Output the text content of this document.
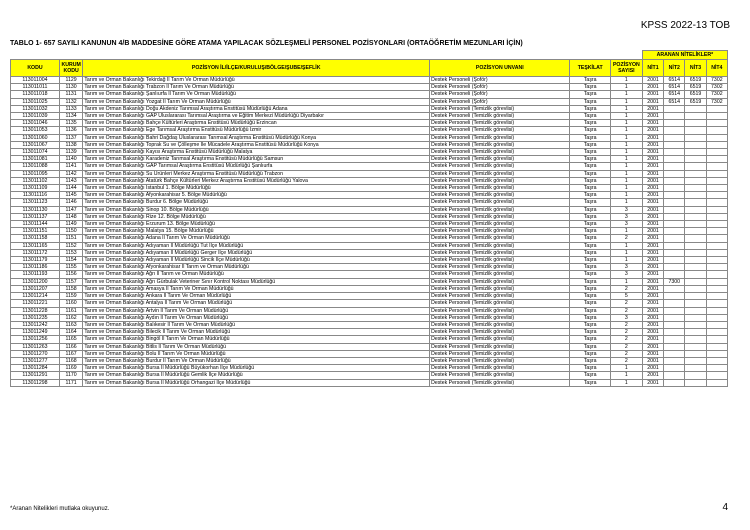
KPSS 2022-13 TOB
TABLO 1- 657 SAYILI KANUNUN 4/B MADDESİNE GÖRE ATAMA YAPILACAK SÖZLEŞMELİ PERSONEL POZİSYONLARI (ORTAÖĞRETİM MEZUNLARI İÇİN)
						ARANAN NİTELİKLER*			
KODU	KURUM KODU	POZİSYON İL/İLÇE/KURULUŞ/BÖLGE/ŞUBE/ŞEFLİK	POZİSYON UNVANI	TEŞKİLAT	POZİSYON SAYISI	NİT1	NİT2	NİT3	NİT4
113011004	1129	Tarım ve Orman Bakanlığı Tekirdağ İl Tarım Ve Orman Müdürlüğü	Destek Personeli (Şoför)	Taşra	1	2001	6514	6519	7302
113011011	1130	Tarım ve Orman Bakanlığı Trabzon İl Tarım Ve Orman Müdürlüğü	Destek Personeli (Şoför)	Taşra	1	2001	6514	6519	7302
113011018	1131	Tarım ve Orman Bakanlığı Şanlıurfa İl Tarım Ve Orman Müdürlüğü	Destek Personeli (Şoför)	Taşra	1	2001	6514	6519	7302
113011025	1132	Tarım ve Orman Bakanlığı Yozgat İl Tarım Ve Orman Müdürlüğü	Destek Personeli (Şoför)	Taşra	1	2001	6514	6519	7302
113011032	1133	Tarım ve Orman Bakanlığı Doğu Akdeniz Tarımsal Araştırma Enstitüsü Müdürlüğü Adana	Destek Personeli (Temizlik görevlisi)	Taşra	1	2001			
113011039	1134	Tarım ve Orman Bakanlığı GAP Uluslararası Tarımsal Araştırma ve Eğitim Merkezi Müdürlüğü Diyarbakır	Destek Personeli (Temizlik görevlisi)	Taşra	1	2001			
113011046	1135	Tarım ve Orman Bakanlığı Bahçe Kültürleri Araştırma Enstitüsü Müdürlüğü Erzincan	Destek Personeli (Temizlik görevlisi)	Taşra	1	2001			
113011053	1136	Tarım ve Orman Bakanlığı Ege Tarımsal Araştırma Enstitüsü Müdürlüğü İzmir	Destek Personeli (Temizlik görevlisi)	Taşra	1	2001			
113011060	1137	Tarım ve Orman Bakanlığı Bahri Dağdaş Uluslararası Tarımsal Araştırma Enstitüsü Müdürlüğü Konya	Destek Personeli (Temizlik görevlisi)	Taşra	1	2001			
113011067	1138	Tarım ve Orman Bakanlığı Toprak Su ve Çölleşme İle Mücadele Araştırma Enstitüsü Müdürlüğü Konya	Destek Personeli (Temizlik görevlisi)	Taşra	1	2001			
113011074	1139	Tarım ve Orman Bakanlığı Kayısı Araştırma Enstitüsü Müdürlüğü Malatya	Destek Personeli (Temizlik görevlisi)	Taşra	1	2001			
113011081	1140	Tarım ve Orman Bakanlığı Karadeniz Tarımsal Araştırma Enstitüsü Müdürlüğü Samsun	Destek Personeli (Temizlik görevlisi)	Taşra	1	2001			
113011088	1141	Tarım ve Orman Bakanlığı GAP Tarımsal Araştırma Enstitüsü Müdürlüğü Şanlıurfa	Destek Personeli (Temizlik görevlisi)	Taşra	1	2001			
113011095	1142	Tarım ve Orman Bakanlığı Su Ürünleri Merkez Araştırma Enstitüsü Müdürlüğü Trabzon	Destek Personeli (Temizlik görevlisi)	Taşra	1	2001			
113011102	1143	Tarım ve Orman Bakanlığı Atatürk Bahçe Kültürleri Merkez Araştırma Enstitüsü Müdürlüğü Yalova	Destek Personeli (Temizlik görevlisi)	Taşra	1	2001			
113011109	1144	Tarım ve Orman Bakanlığı İstanbul 1. Bölge Müdürlüğü	Destek Personeli (Temizlik görevlisi)	Taşra	1	2001			
113011116	1145	Tarım ve Orman Bakanlığı Afyonkarahisar 5. Bölge Müdürlüğü	Destek Personeli (Temizlik görevlisi)	Taşra	1	2001			
113011123	1146	Tarım ve Orman Bakanlığı Burdur 6. Bölge Müdürlüğü	Destek Personeli (Temizlik görevlisi)	Taşra	1	2001			
113011130	1147	Tarım ve Orman Bakanlığı Sinop 10. Bölge Müdürlüğü	Destek Personeli (Temizlik görevlisi)	Taşra	3	2001			
113011137	1148	Tarım ve Orman Bakanlığı Rize 12. Bölge Müdürlüğü	Destek Personeli (Temizlik görevlisi)	Taşra	3	2001			
113011144	1149	Tarım ve Orman Bakanlığı Erzurum 13. Bölge Müdürlüğü	Destek Personeli (Temizlik görevlisi)	Taşra	3	2001			
113011151	1150	Tarım ve Orman Bakanlığı Malatya 15. Bölge Müdürlüğü	Destek Personeli (Temizlik görevlisi)	Taşra	1	2001			
113011158	1151	Tarım ve Orman Bakanlığı Adana İl Tarım Ve Orman Müdürlüğü	Destek Personeli (Temizlik görevlisi)	Taşra	2	2001			
113011165	1152	Tarım ve Orman Bakanlığı Adıyaman İl Müdürlüğü Tut İlçe Müdürlüğü	Destek Personeli (Temizlik görevlisi)	Taşra	1	2001			
113011172	1153	Tarım ve Orman Bakanlığı Adıyaman İl Müdürlüğü Gerger İlçe Müdürlüğü	Destek Personeli (Temizlik görevlisi)	Taşra	1	2001			
113011179	1154	Tarım ve Orman Bakanlığı Adıyaman İl Müdürlüğü Sincik İlçe Müdürlüğü	Destek Personeli (Temizlik görevlisi)	Taşra	1	2001			
113011186	1155	Tarım ve Orman Bakanlığı Afyonkarahisar İl Tarım ve Orman Müdürlüğü	Destek Personeli (Temizlik görevlisi)	Taşra	3	2001			
113011193	1156	Tarım ve Orman Bakanlığı Ağrı İl Tarım ve Orman Müdürlüğü	Destek Personeli (Temizlik görevlisi)	Taşra	3	2001			
113011200	1157	Tarım ve Orman Bakanlığı Ağrı Gürbulak Veteriner Sınır Kontrol Noktası Müdürlüğü	Destek Personeli (Temizlik görevlisi)	Taşra	1	2001	7300		
113011207	1158	Tarım ve Orman Bakanlığı Amasya İl Tarım Ve Orman Müdürlüğü	Destek Personeli (Temizlik görevlisi)	Taşra	2	2001			
113011214	1159	Tarım ve Orman Bakanlığı Ankara İl Tarım Ve Orman Müdürlüğü	Destek Personeli (Temizlik görevlisi)	Taşra	5	2001			
113011221	1160	Tarım ve Orman Bakanlığı Antalya İl Tarım Ve Orman Müdürlüğü	Destek Personeli (Temizlik görevlisi)	Taşra	2	2001			
113011228	1161	Tarım ve Orman Bakanlığı Artvin İl Tarım Ve Orman Müdürlüğü	Destek Personeli (Temizlik görevlisi)	Taşra	2	2001			
113011235	1162	Tarım ve Orman Bakanlığı Aydın İl Tarım Ve Orman Müdürlüğü	Destek Personeli (Temizlik görevlisi)	Taşra	3	2001			
113011242	1163	Tarım ve Orman Bakanlığı Balıkesir İl Tarım Ve Orman Müdürlüğü	Destek Personeli (Temizlik görevlisi)	Taşra	2	2001			
113011249	1164	Tarım ve Orman Bakanlığı Bilecik İl Tarım Ve Orman Müdürlüğü	Destek Personeli (Temizlik görevlisi)	Taşra	2	2001			
113011256	1165	Tarım ve Orman Bakanlığı Bingöl İl Tarım Ve Orman Müdürlüğü	Destek Personeli (Temizlik görevlisi)	Taşra	2	2001			
113011263	1166	Tarım ve Orman Bakanlığı Bitlis İl Tarım Ve Orman Müdürlüğü	Destek Personeli (Temizlik görevlisi)	Taşra	2	2001			
113011270	1167	Tarım ve Orman Bakanlığı Bolu İl Tarım Ve Orman Müdürlüğü	Destek Personeli (Temizlik görevlisi)	Taşra	2	2001			
113011277	1168	Tarım ve Orman Bakanlığı Burdur İl Tarım Ve Orman Müdürlüğü	Destek Personeli (Temizlik görevlisi)	Taşra	2	2001			
113011284	1169	Tarım ve Orman Bakanlığı Bursa İl Müdürlüğü Büyükorhan İlçe Müdürlüğü	Destek Personeli (Temizlik görevlisi)	Taşra	1	2001			
113011291	1170	Tarım ve Orman Bakanlığı Bursa İl Müdürlüğü Gemlik İlçe Müdürlüğü	Destek Personeli (Temizlik görevlisi)	Taşra	1	2001			
113011298	1171	Tarım ve Orman Bakanlığı Bursa İl Müdürlüğü Orhangazi İlçe Müdürlüğü	Destek Personeli (Temizlik görevlisi)	Taşra	1	2001			
*Aranan Nitelikleri mutlaka okuyunuz.	4
